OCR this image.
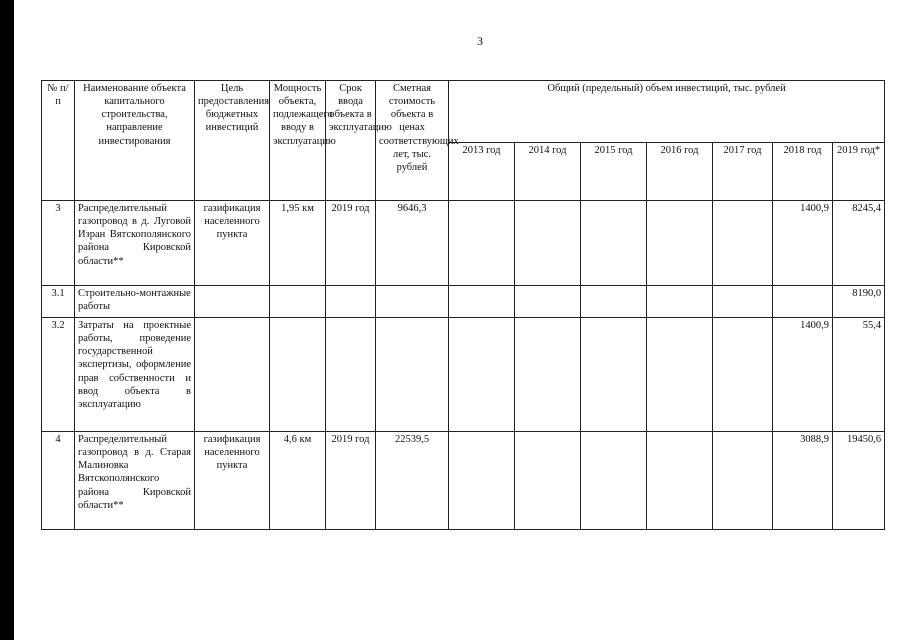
3
№ п/п	Наименование объекта капитального строительства, направление инвестирования	Цель предоставления бюджетных инвестиций	Мощность объекта, подлежащего вводу в эксплуатацию	Срок ввода объекта в эксплуатацию	Сметная стоимость объекта в ценах соответствующих лет, тыс. рублей	Общий (предельный) объем инвестиций, тыс. рублей						
						2013 год	2014 год	2015 год	2016 год	2017 год	2018 год	2019 год*
3	Распределительный газопровод в д. Луговой Изран Вятскополянского района Кировской области**	газификация населенного пункта	1,95 км	2019 год	9646,3						1400,9	8245,4
3.1	Строительно-монтажные работы											8190,0
3.2	Затраты на проектные работы, проведение государственной экспертизы, оформление прав собственности и ввод объекта в эксплуатацию										1400,9	55,4
4	Распределительный газопровод в д. Старая Малиновка Вятскополянского района Кировской области**	газификация населенного пункта	4,6 км	2019 год	22539,5						3088,9	19450,6
